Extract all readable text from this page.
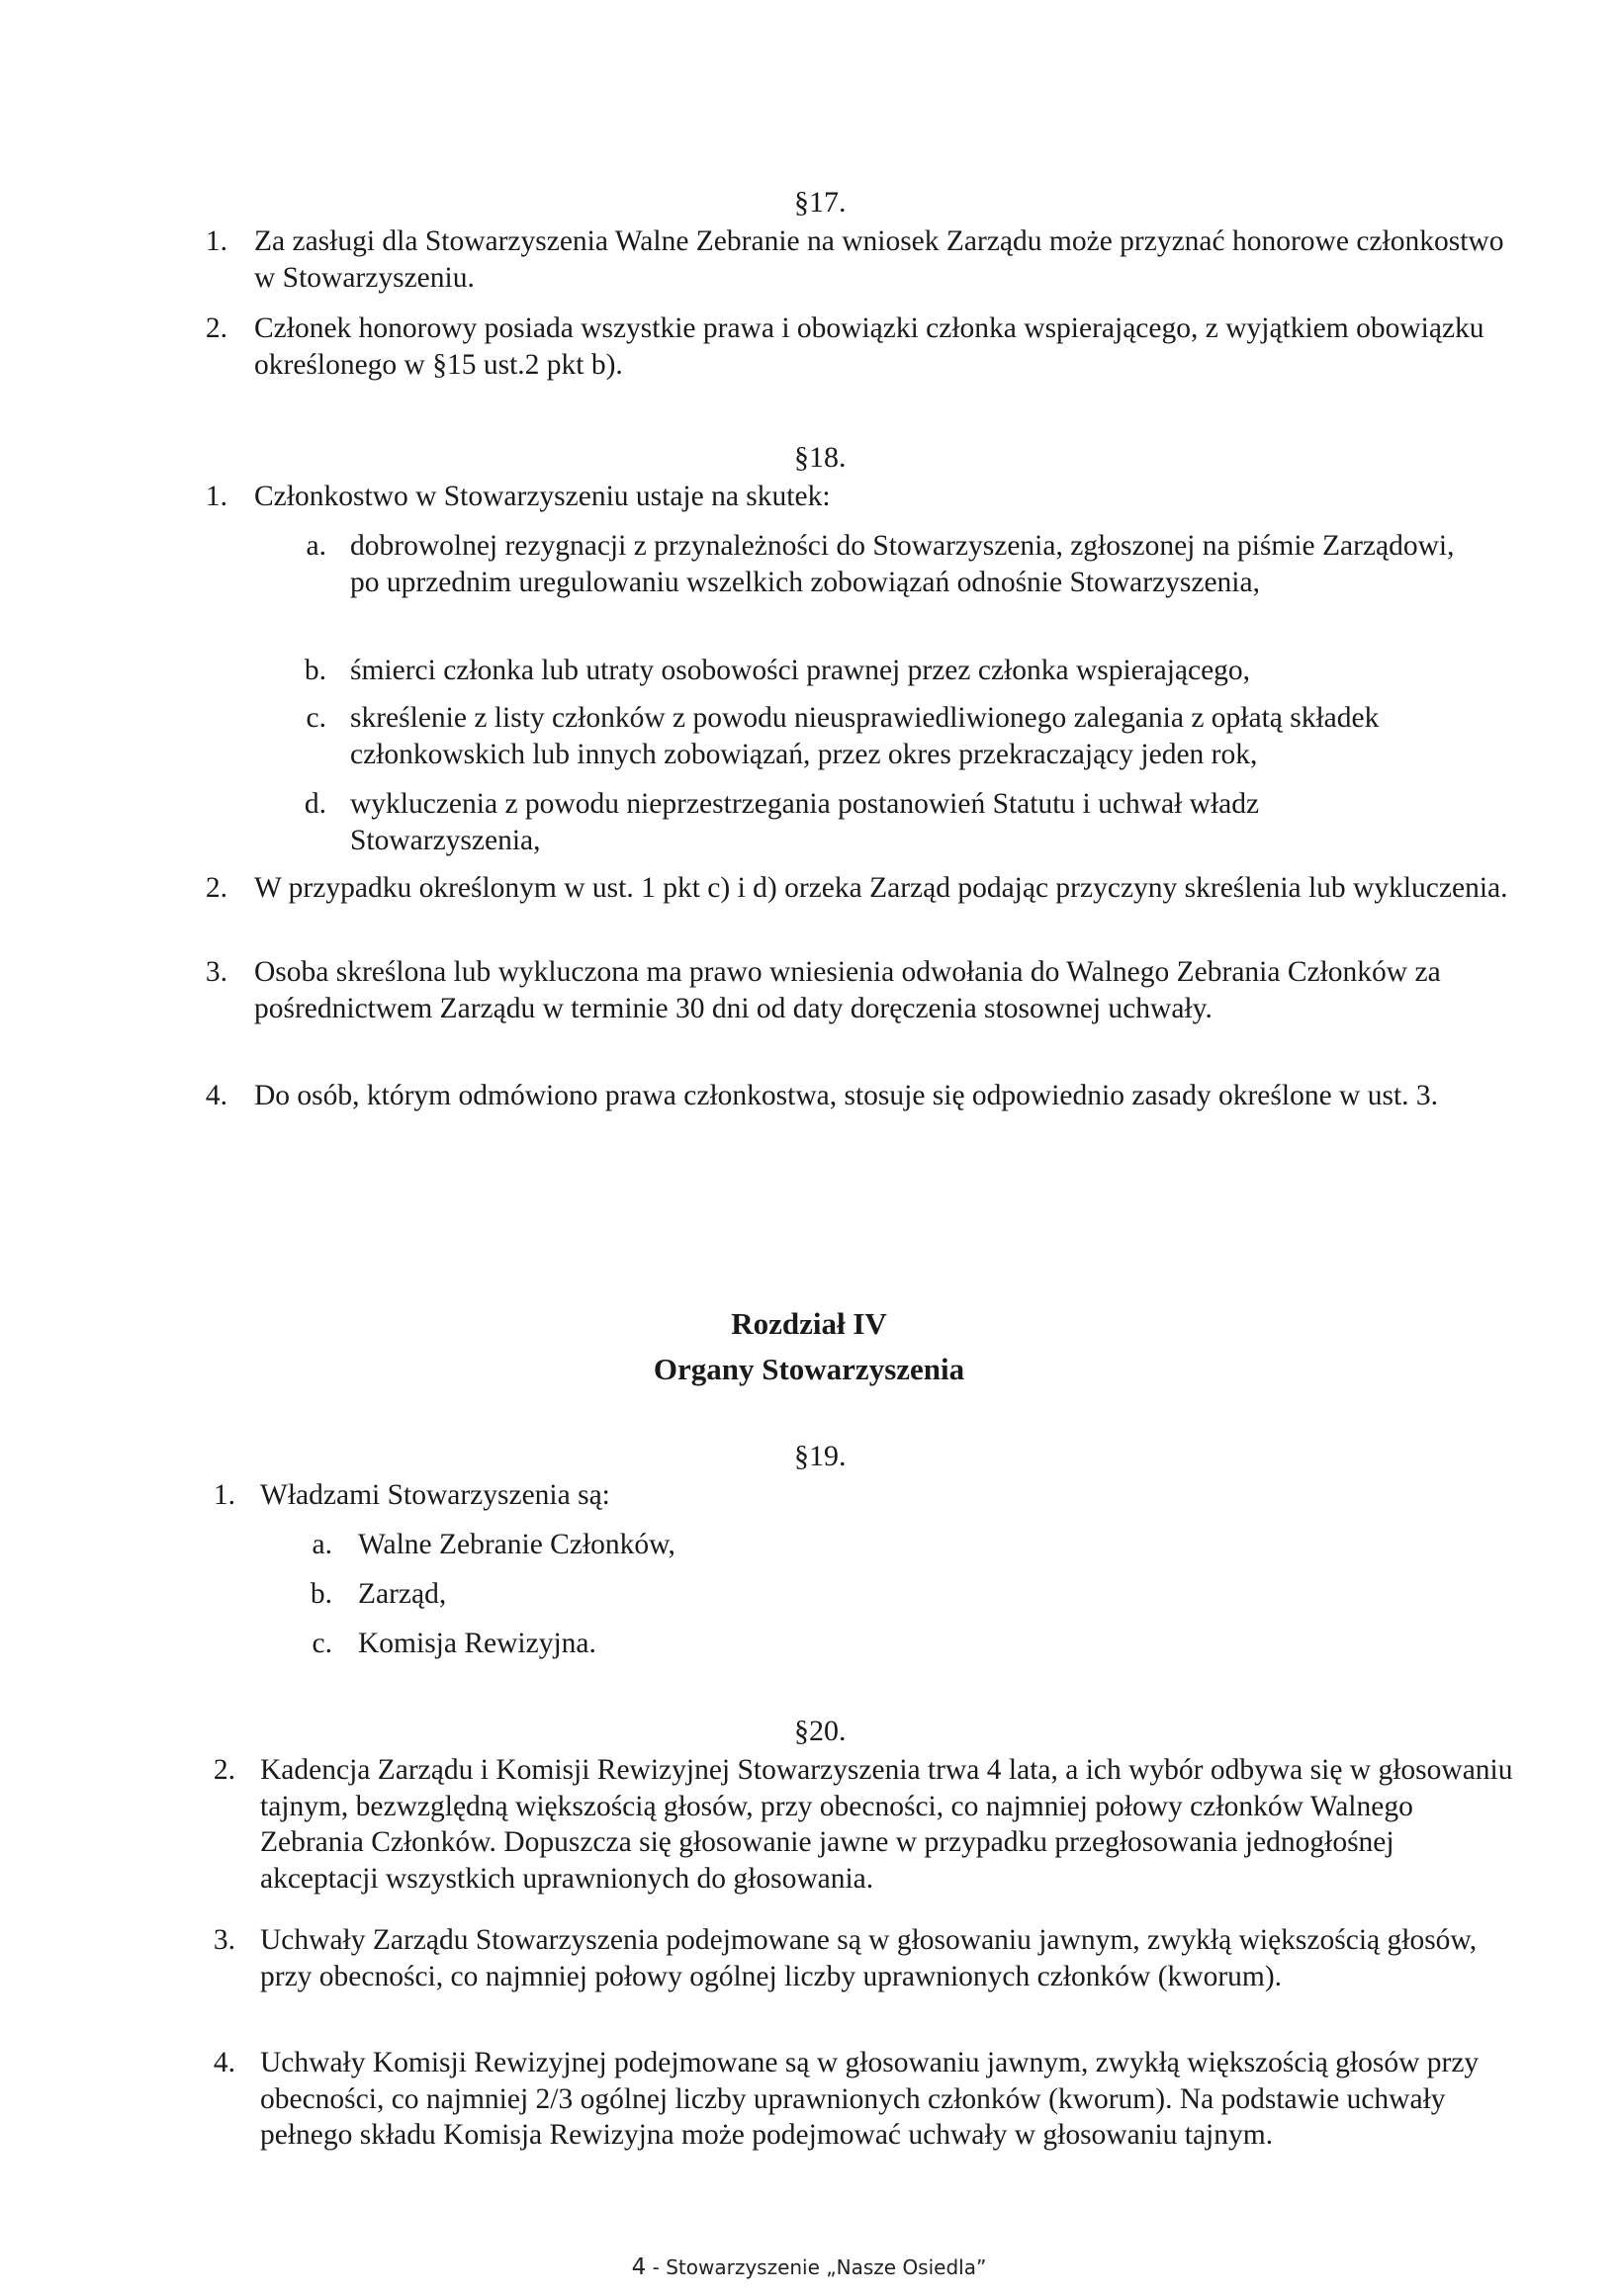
§17.
1. Za zasługi dla Stowarzyszenia Walne Zebranie na wniosek Zarządu może przyznać honorowe członkostwo w Stowarzyszeniu.
2. Członek honorowy posiada wszystkie prawa i obowiązki członka wspierającego, z wyjątkiem obowiązku określonego w §15 ust.2 pkt b).
§18.
1. Członkostwo w Stowarzyszeniu ustaje na skutek:
a. dobrowolnej rezygnacji z przynależności do Stowarzyszenia, zgłoszonej na piśmie Zarządowi, po uprzednim uregulowaniu wszelkich zobowiązań odnośnie Stowarzyszenia,
b. śmierci członka lub utraty osobowości prawnej przez członka wspierającego,
c. skreślenie z listy członków z powodu nieusprawiedliwionego zalegania z opłatą składek członkowskich lub innych zobowiązań, przez okres przekraczający jeden rok,
d. wykluczenia z powodu nieprzestrzegania postanowień Statutu i uchwał władz Stowarzyszenia,
2. W przypadku określonym w ust. 1 pkt c) i d) orzeka Zarząd podając przyczyny skreślenia lub wykluczenia.
3. Osoba skreślona lub wykluczona ma prawo wniesienia odwołania do Walnego Zebrania Członków za pośrednictwem Zarządu w terminie 30 dni od daty doręczenia stosownej uchwały.
4. Do osób, którym odmówiono prawa członkostwa, stosuje się odpowiednio zasady określone w ust. 3.
Rozdział IV
Organy Stowarzyszenia
§19.
1. Władzami Stowarzyszenia są:
a. Walne Zebranie Członków,
b. Zarząd,
c. Komisja Rewizyjna.
§20.
2. Kadencja Zarządu i Komisji Rewizyjnej Stowarzyszenia trwa 4 lata, a ich wybór odbywa się w głosowaniu tajnym, bezwzględną większością głosów, przy obecności, co najmniej połowy członków Walnego Zebrania Członków. Dopuszcza się głosowanie jawne w przypadku przegłosowania jednogłośnej akceptacji wszystkich uprawnionych do głosowania.
3. Uchwały Zarządu Stowarzyszenia podejmowane są w głosowaniu jawnym, zwykłą większością głosów, przy obecności, co najmniej połowy ogólnej liczby uprawnionych członków (kworum).
4. Uchwały Komisji Rewizyjnej podejmowane są w głosowaniu jawnym, zwykłą większością głosów przy obecności, co najmniej 2/3 ogólnej liczby uprawnionych członków (kworum). Na podstawie uchwały pełnego składu Komisja Rewizyjna może podejmować uchwały w głosowaniu tajnym.
4 - Stowarzyszenie „Nasze Osiedla”
